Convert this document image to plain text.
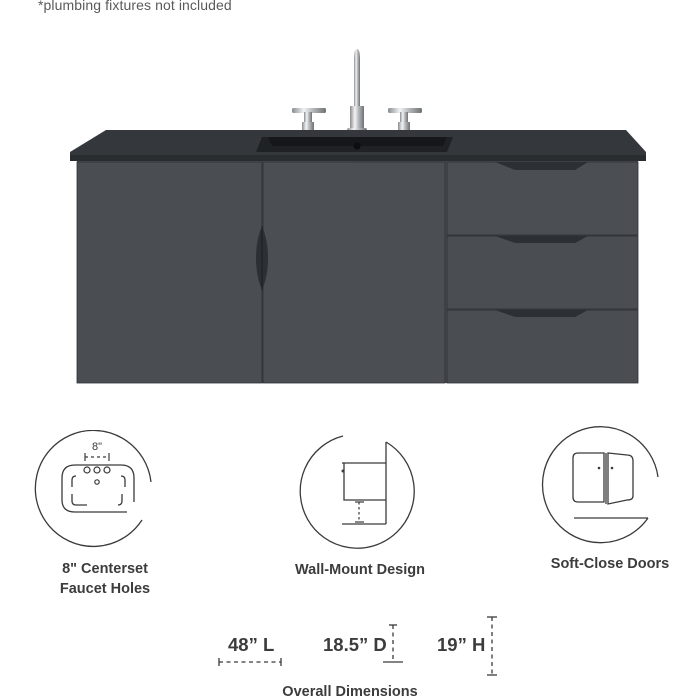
*plumbing fixtures not included
8"
8" Centerset
Faucet Holes
Wall-Mount Design	Soft-Close Doors
48” L	18.5” D	19” H
Overall Dimensions
